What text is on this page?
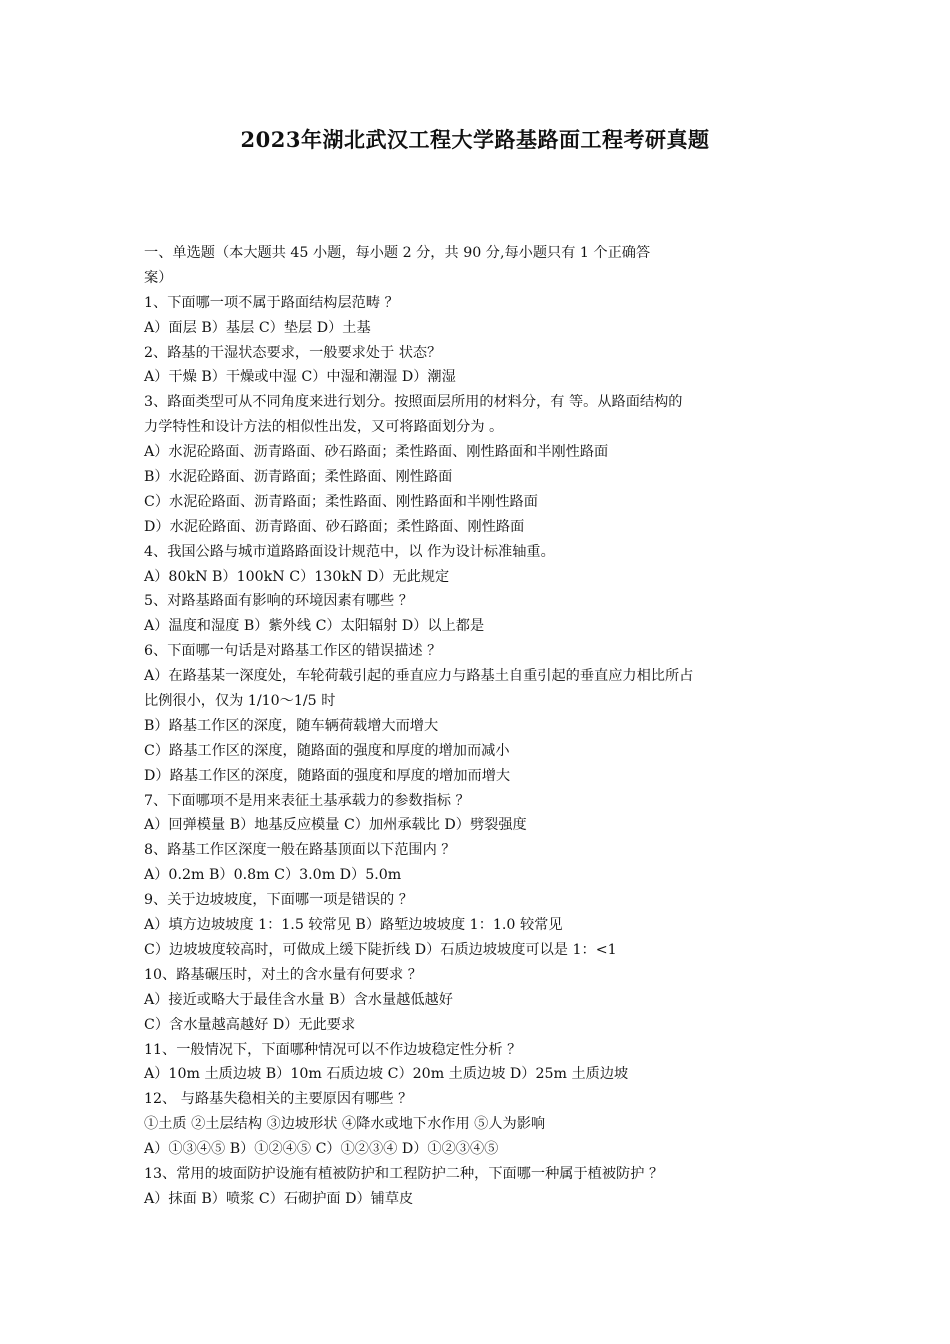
2023年湖北武汉工程大学路基路面工程考研真题
一、单选题（本大题共 45 小题，每小题 2 分，共 90 分,每小题只有 1 个正确答
案）
1、下面哪一项不属于路面结构层范畴 ？
A）面层 B）基层 C）垫层 D）土基
2、路基的干湿状态要求，一般要求处于 状态？
A）干燥 B）干燥或中湿 C）中湿和潮湿 D）潮湿
3、路面类型可从不同角度来进行划分。按照面层所用的材料分，有 等。从路面结构的
力学特性和设计方法的相似性出发，又可将路面划分为 。
A）水泥砼路面、沥青路面、砂石路面；柔性路面、刚性路面和半刚性路面
B）水泥砼路面、沥青路面；柔性路面、刚性路面
C）水泥砼路面、沥青路面；柔性路面、刚性路面和半刚性路面
D）水泥砼路面、沥青路面、砂石路面；柔性路面、刚性路面
4、我国公路与城市道路路面设计规范中，以 作为设计标准轴重。
A）80kN B）100kN C）130kN D）无此规定
5、对路基路面有影响的环境因素有哪些 ？
A）温度和湿度 B）紫外线 C）太阳辐射 D）以上都是
6、下面哪一句话是对路基工作区的错误描述 ？
A）在路基某一深度处，车轮荷载引起的垂直应力与路基土自重引起的垂直应力相比所占
比例很小，仅为 1/10～1/5 时
B）路基工作区的深度，随车辆荷载增大而增大
C）路基工作区的深度，随路面的强度和厚度的增加而减小
D）路基工作区的深度，随路面的强度和厚度的增加而增大
7、下面哪项不是用来表征土基承载力的参数指标 ？
A）回弹模量 B）地基反应模量 C）加州承载比 D）劈裂强度
8、路基工作区深度一般在路基顶面以下范围内 ？
A）0.2m B）0.8m C）3.0m D）5.0m
9、关于边坡坡度，下面哪一项是错误的 ？
A）填方边坡坡度 1：1.5 较常见 B）路堑边坡坡度 1：1.0 较常见
C）边坡坡度较高时，可做成上缓下陡折线 D）石质边坡坡度可以是 1：<1
10、路基碾压时，对土的含水量有何要求 ？
A）接近或略大于最佳含水量 B）含水量越低越好
C）含水量越高越好 D）无此要求
11、一般情况下，下面哪种情况可以不作边坡稳定性分析 ？
A）10m 土质边坡 B）10m 石质边坡 C）20m 土质边坡 D）25m 土质边坡
12、 与路基失稳相关的主要原因有哪些 ？
①土质 ②土层结构 ③边坡形状 ④降水或地下水作用 ⑤人为影响
A）①③④⑤ B）①②④⑤ C）①②③④ D）①②③④⑤
13、常用的坡面防护设施有植被防护和工程防护二种，下面哪一种属于植被防护 ？
A）抹面 B）喷浆 C）石砌护面 D）铺草皮
